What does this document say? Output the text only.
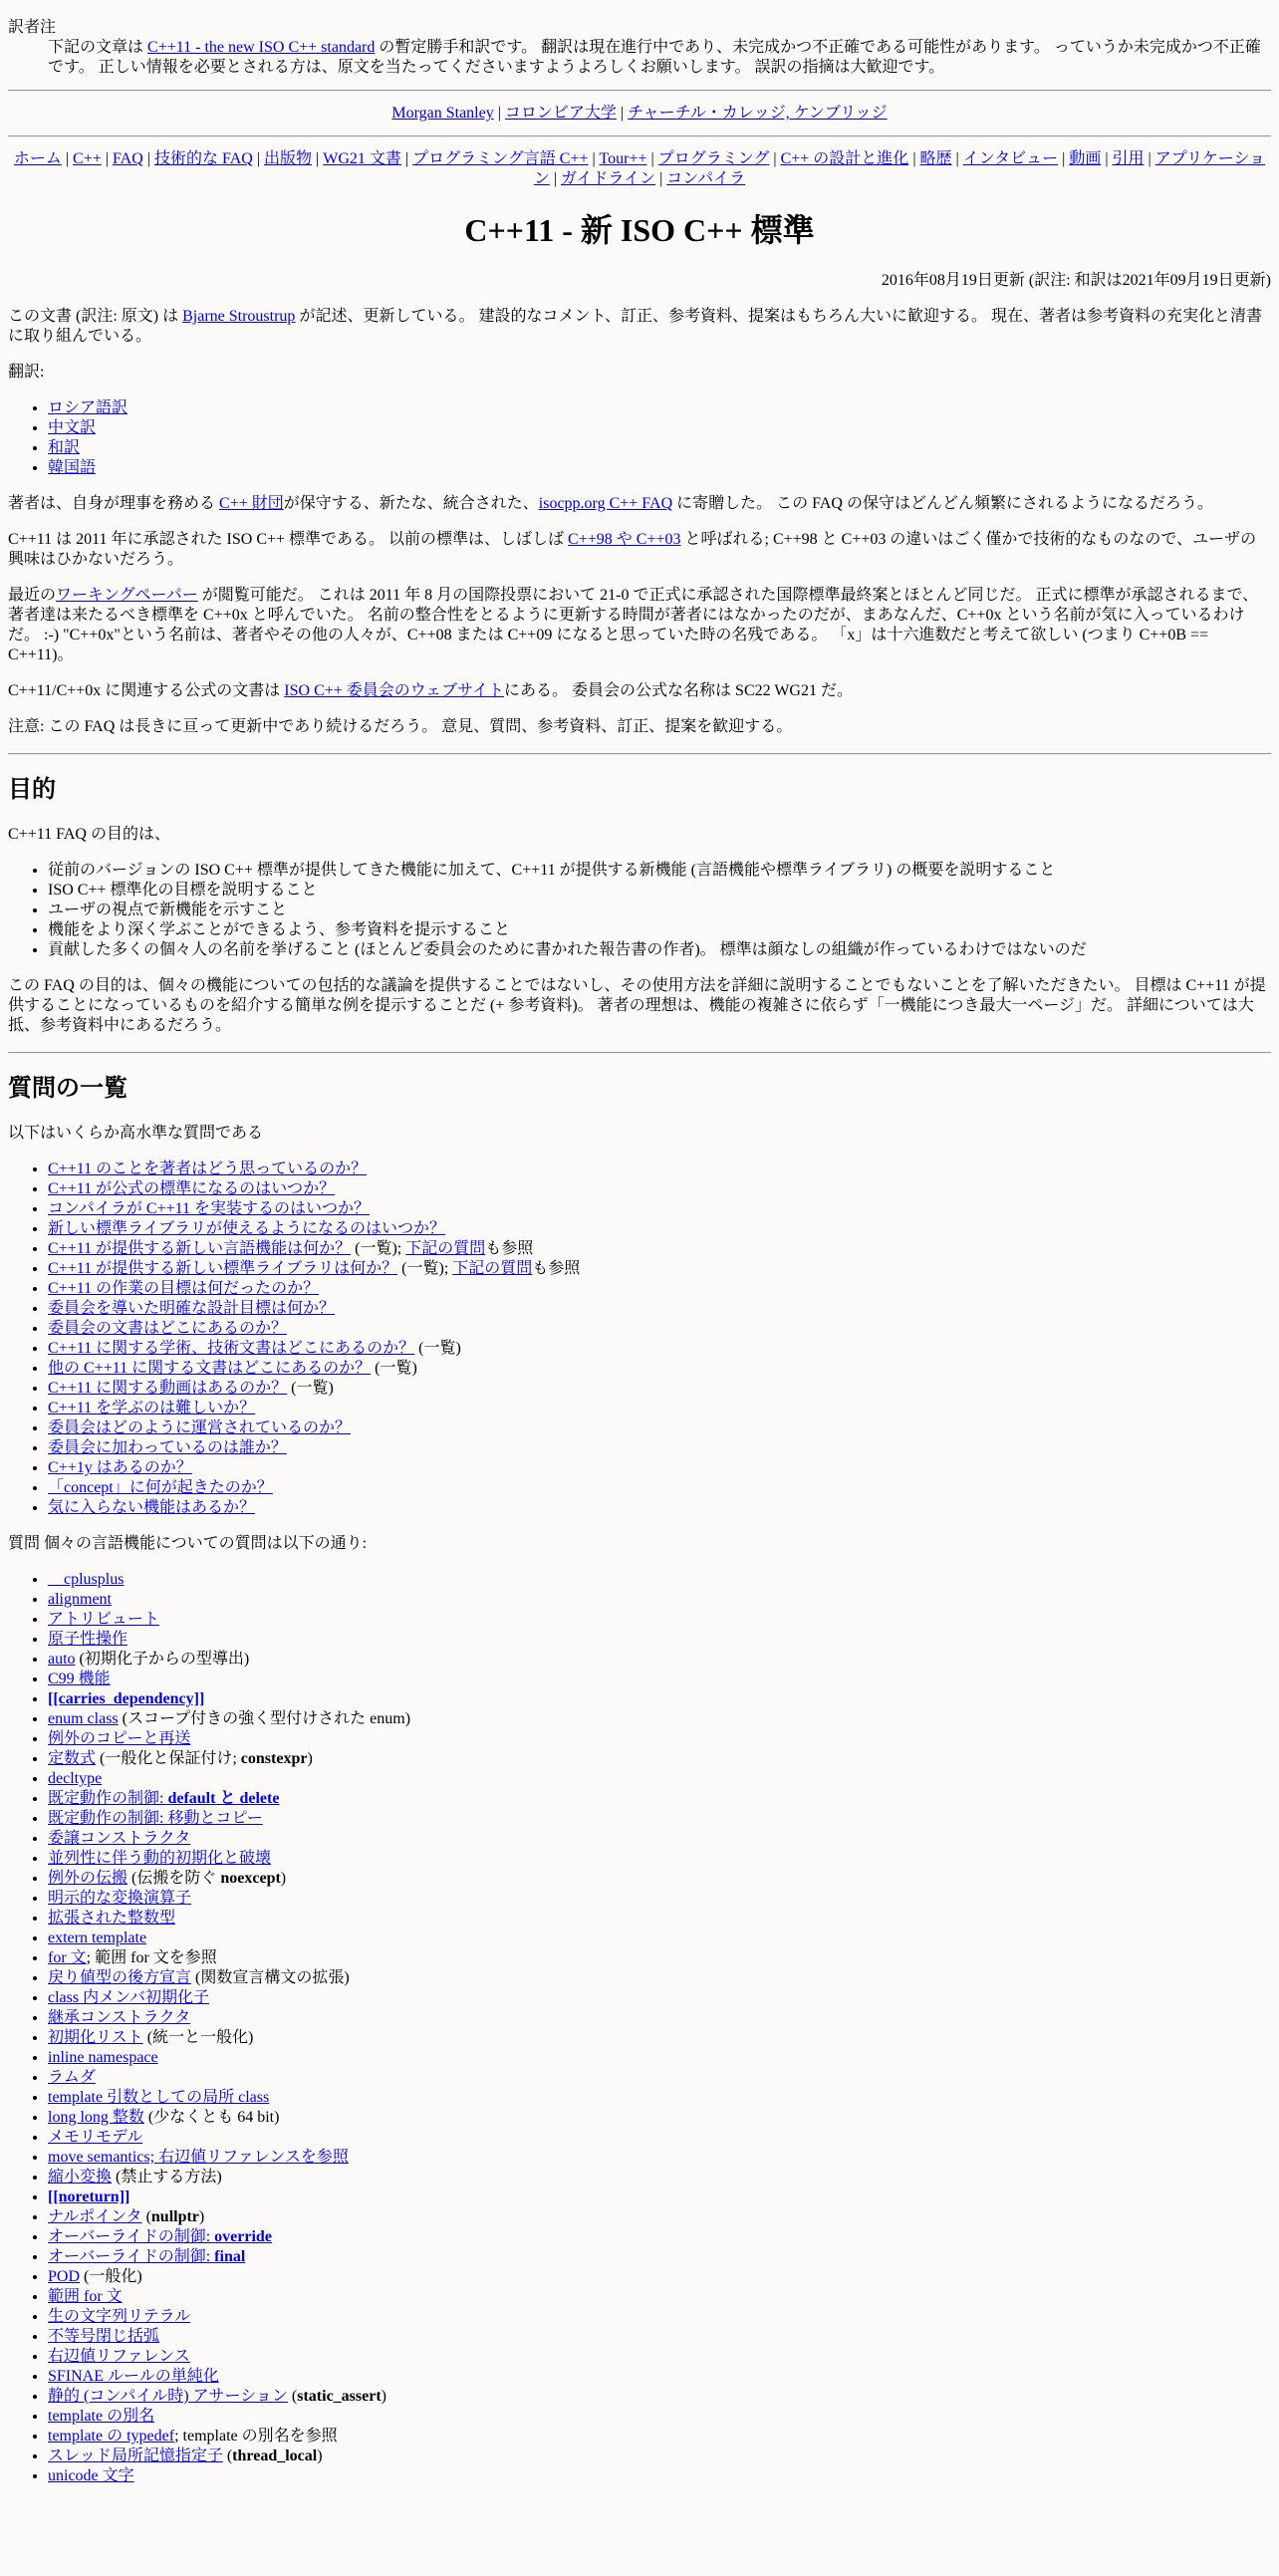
訳者注
下記の文章は C++11 - the new ISO C++ standard の暫定勝手和訳です。 翻訳は現在進行中であり、未完成かつ不正確である可能性があります。 っていうか未完成かつ不正確です。 正しい情報を必要とされる方は、原文を当たってくださいますようよろしくお願いします。 誤訳の指摘は大歓迎です。
Morgan Stanley | コロンビア大学 | チャーチル・カレッジ, ケンブリッジ
ホーム | C++ | FAQ | 技術的な FAQ | 出版物 | WG21 文書 | プログラミング言語 C++ | Tour++ | プログラミング | C++ の設計と進化 | 略歴 | インタビュー | 動画 | 引用 | アプリケーション | ガイドライン | コンパイラ
C++11 - 新 ISO C++ 標準
2016年08月19日更新 (訳注: 和訳は2021年09月19日更新)

この文書 (訳注: 原文) は Bjarne Stroustrup が記述、更新している。 建設的なコメント、訂正、参考資料、提案はもちろん大いに歓迎する。 現在、著者は参考資料の充実化と清書に取り組んでいる。

翻訳:

• ロシア語訳
• 中文訳
• 和訳
• 韓国語

著者は、自身が理事を務める C++ 財団が保守する、新たな、統合された、isocpp.org C++ FAQ に寄贈した。 この FAQ の保守はどんどん頻繁にされるようになるだろう。

C++11 は 2011 年に承認された ISO C++ 標準である。 以前の標準は、しばしば C++98 や C++03 と呼ばれる; C++98 と C++03 の違いはごく僅かで技術的なものなので、ユーザの興味はひかないだろう。

最近のワーキングペーパー が閲覧可能だ。 これは 2011 年 8 月の国際投票において 21-0 で正式に承認された国際標準最終案とほとんど同じだ。 正式に標準が承認されるまで、著者達は来たるべき標準を C++0x と呼んでいた。 名前の整合性をとるように更新する時間が著者にはなかったのだが、まあなんだ、C++0x という名前が気に入っているわけだ。 :-) "C++0x"という名前は、著者やその他の人々が、C++08 または C++09 になると思っていた時の名残である。 「x」は十六進数だと考えて欲しい (つまり C++0B == C++11)。

C++11/C++0x に関連する公式の文書は ISO C++ 委員会のウェブサイトにある。 委員会の公式な名称は SC22 WG21 だ。

注意: この FAQ は長きに亘って更新中であり続けるだろう。 意見、質問、参考資料、訂正、提案を歓迎する。

目的

C++11 FAQ の目的は、

• 従前のバージョンの ISO C++ 標準が提供してきた機能に加えて、C++11 が提供する新機能 (言語機能や標準ライブラリ) の概要を説明すること
• ISO C++ 標準化の目標を説明すること
• ユーザの視点で新機能を示すこと
• 機能をより深く学ぶことができるよう、参考資料を提示すること
• 貢献した多くの個々人の名前を挙げること (ほとんど委員会のために書かれた報告書の作者)。 標準は顔なしの組織が作っているわけではないのだ

この FAQ の目的は、個々の機能についての包括的な議論を提供することではないし、その使用方法を詳細に説明することでもないことを了解いただきたい。 目標は C++11 が提供することになっているものを紹介する簡単な例を提示することだ (+ 参考資料)。 著者の理想は、機能の複雑さに依らず「一機能につき最大一ページ」だ。 詳細については大抵、参考資料中にあるだろう。

質問の一覧

以下はいくらか高水準な質問である

• C++11 のことを著者はどう思っているのか？
• C++11 が公式の標準になるのはいつか？
• コンパイラが C++11 を実装するのはいつか？
• 新しい標準ライブラリが使えるようになるのはいつか？
• C++11 が提供する新しい言語機能は何か？ (一覧); 下記の質問も参照
• C++11 が提供する新しい標準ライブラリは何か？ (一覧); 下記の質問も参照
• C++11 の作業の目標は何だったのか？
• 委員会を導いた明確な設計目標は何か？
• 委員会の文書はどこにあるのか？
• C++11 に関する学術、技術文書はどこにあるのか？ (一覧)
• 他の C++11 に関する文書はどこにあるのか？ (一覧)
• C++11 に関する動画はあるのか？ (一覧)
• C++11 を学ぶのは難しいか？
• 委員会はどのように運営されているのか？
• 委員会に加わっているのは誰か？
• C++1y はあるのか？
• 「concept」に何が起きたのか？
• 気に入らない機能はあるか？

質問 個々の言語機能についての質問は以下の通り:

• __cplusplus
• alignment
• アトリビュート
• 原子性操作
• auto (初期化子からの型導出)
• C99 機能
• [[carries_dependency]]
• enum class (スコープ付きの強く型付けされた enum)
• 例外のコピーと再送
• 定数式 (一般化と保証付け; constexpr)
• decltype
• 既定動作の制御: default と delete
• 既定動作の制御: 移動とコピー
• 委譲コンストラクタ
• 並列性に伴う動的初期化と破壊
• 例外の伝搬 (伝搬を防ぐ noexcept)
• 明示的な変換演算子
• 拡張された整数型
• extern template
• for 文; 範囲 for 文を参照
• 戻り値型の後方宣言 (関数宣言構文の拡張)
• class 内メンバ初期化子
• 継承コンストラクタ
• 初期化リスト (統一と一般化)
• inline namespace
• ラムダ
• template 引数としての局所 class
• long long 整数 (少なくとも 64 bit)
• メモリモデル
• move semantics; 右辺値リファレンスを参照
• 縮小変換 (禁止する方法)
• [[noreturn]]
• ナルポインタ (nullptr)
• オーバーライドの制御: override
• オーバーライドの制御: final
• POD (一般化)
• 範囲 for 文
• 生の文字列リテラル
• 不等号閉じ括弧
• 右辺値リファレンス
• SFINAE ルールの単純化
• 静的 (コンパイル時) アサーション (static_assert)
• template の別名
• template の typedef; template の別名を参照
• スレッド局所記憶指定子 (thread_local)
• unicode 文字
